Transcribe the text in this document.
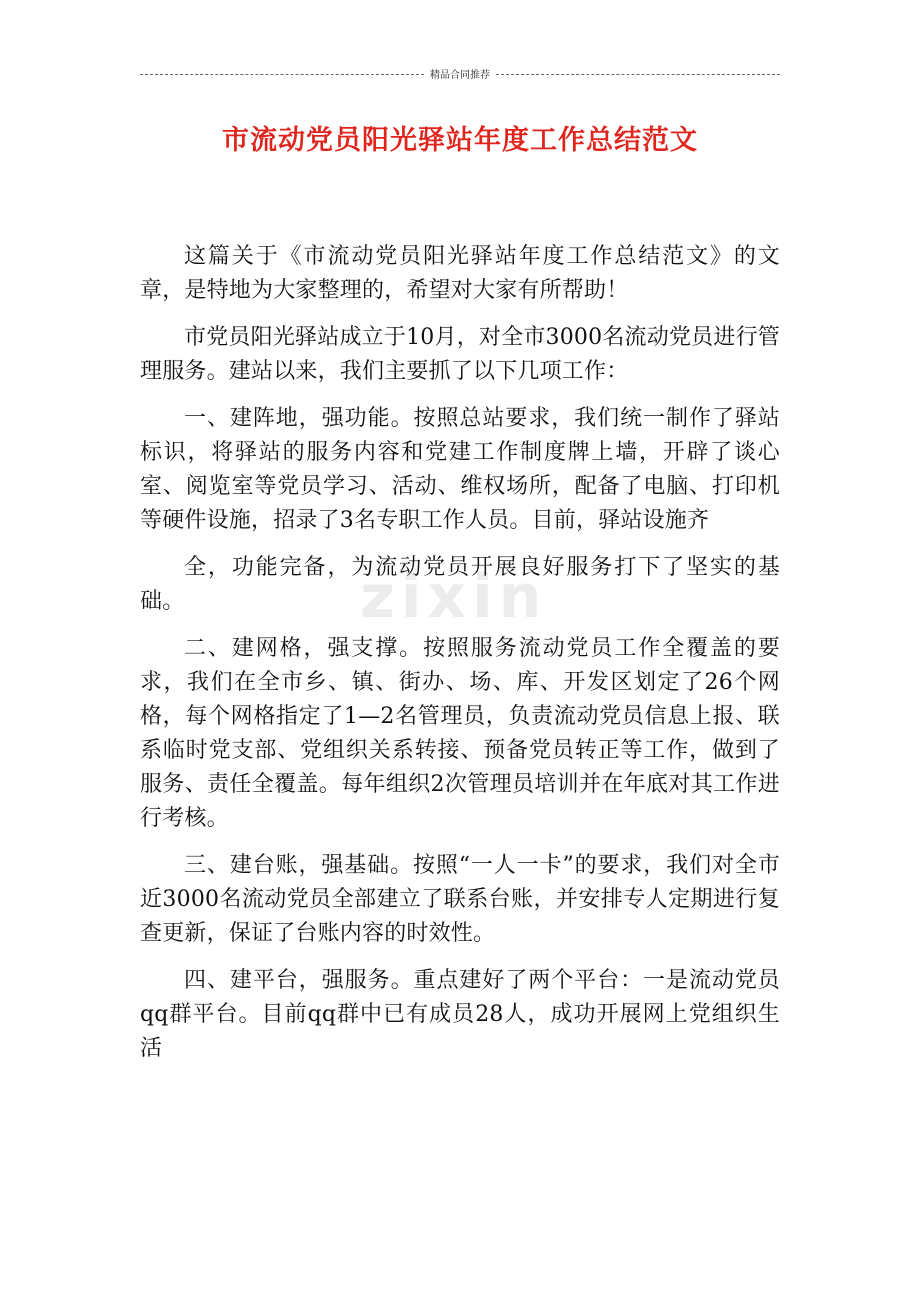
精品合同推荐
市流动党员阳光驿站年度工作总结范文
zixin

这篇关于《市流动党员阳光驿站年度工作总结范文》的文章，是特地为大家整理的，希望对大家有所帮助！

市党员阳光驿站成立于10月，对全市3000名流动党员进行管理服务。建站以来，我们主要抓了以下几项工作：

一、建阵地，强功能。按照总站要求，我们统一制作了驿站标识，将驿站的服务内容和党建工作制度牌上墙，开辟了谈心室、阅览室等党员学习、活动、维权场所，配备了电脑、打印机等硬件设施，招录了3名专职工作人员。目前，驿站设施齐

全，功能完备，为流动党员开展良好服务打下了坚实的基础。

二、建网格，强支撑。按照服务流动党员工作全覆盖的要求，我们在全市乡、镇、街办、场、库、开发区划定了26个网格，每个网格指定了1—2名管理员，负责流动党员信息上报、联系临时党支部、党组织关系转接、预备党员转正等工作，做到了服务、责任全覆盖。每年组织2次管理员培训并在年底对其工作进行考核。

三、建台账，强基础。按照“一人一卡”的要求，我们对全市近3000名流动党员全部建立了联系台账，并安排专人定期进行复查更新，保证了台账内容的时效性。

四、建平台，强服务。重点建好了两个平台：一是流动党员qq群平台。目前qq群中已有成员28人，成功开展网上党组织生活
